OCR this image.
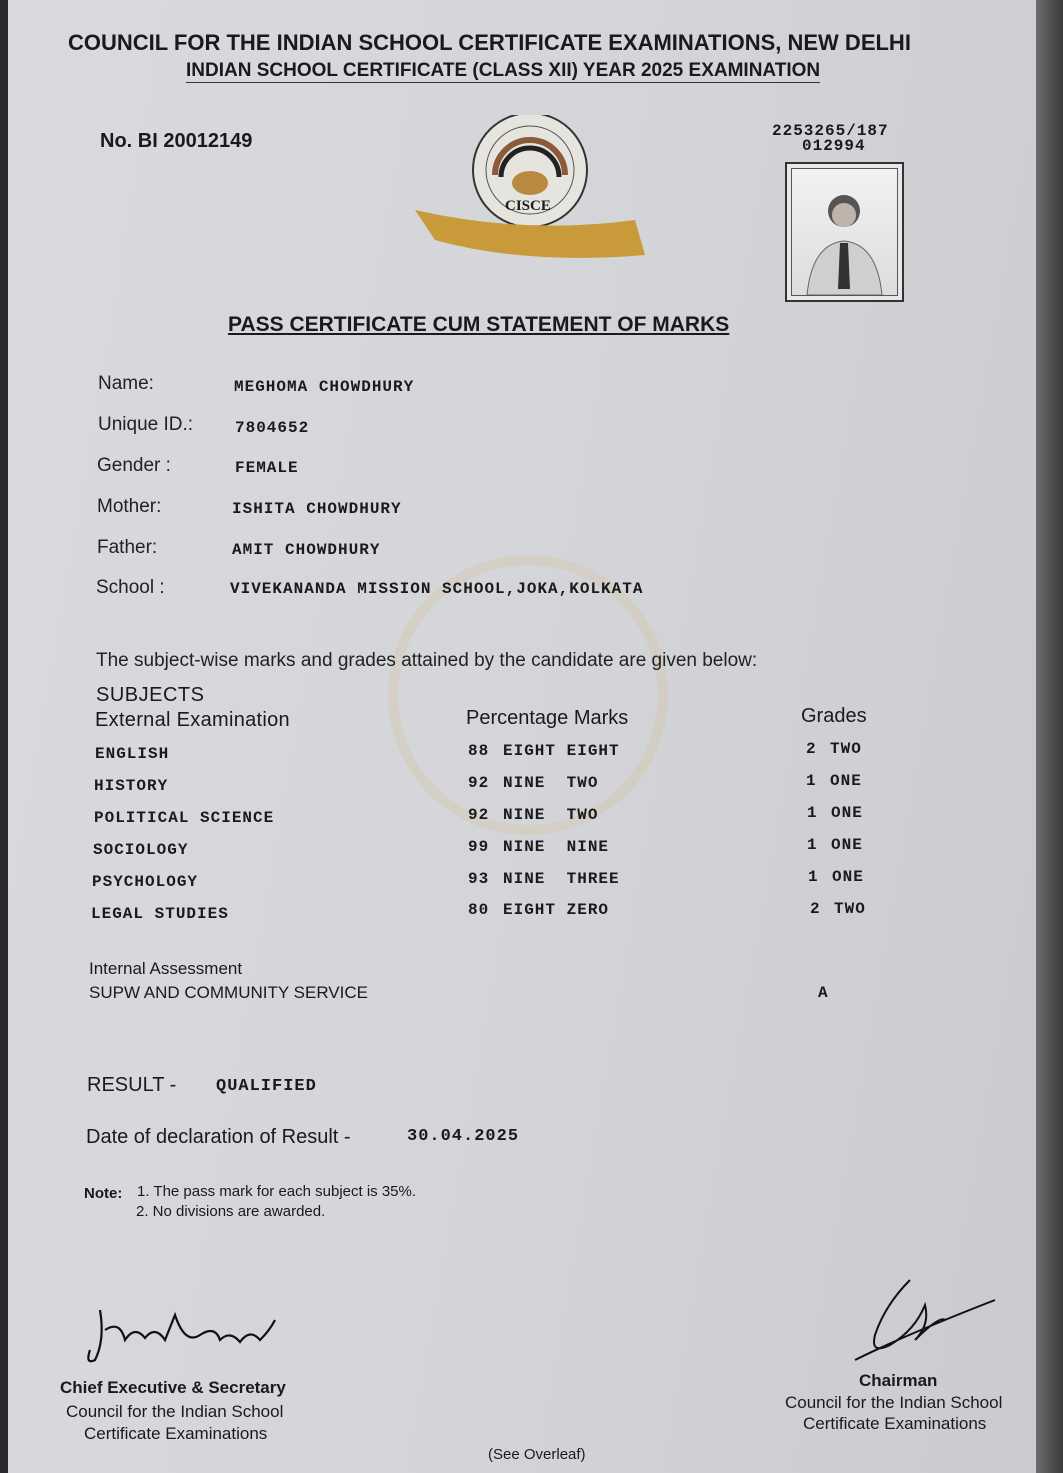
COUNCIL FOR THE INDIAN SCHOOL CERTIFICATE EXAMINATIONS, NEW DELHI
INDIAN SCHOOL CERTIFICATE (CLASS XII) YEAR 2025 EXAMINATION
No. BI 20012149	2253265/187
012994
CISCE
PASS CERTIFICATE CUM STATEMENT OF MARKS
Name:	MEGHOMA CHOWDHURY
Unique ID.:	7804652
Gender :	FEMALE
Mother:	ISHITA CHOWDHURY
Father:	AMIT CHOWDHURY
School :	VIVEKANANDA MISSION SCHOOL,JOKA,KOLKATA
The subject-wise marks and grades attained by the candidate are given below:
SUBJECTS
External Examination	Percentage Marks	Grades
ENGLISH	88 EIGHT EIGHT	2 TWO
HISTORY	92 NINE  TWO	1 ONE
POLITICAL SCIENCE	92 NINE  TWO	1 ONE
SOCIOLOGY	99 NINE  NINE	1 ONE
PSYCHOLOGY	93 NINE  THREE	1 ONE
LEGAL STUDIES	80 EIGHT ZERO	2 TWO
Internal Assessment
SUPW AND COMMUNITY SERVICE	A
RESULT - QUALIFIED
Date of declaration of Result -	30.04.2025
Note: 1. The pass mark for each subject is 35%.
2. No divisions are awarded.
Chief Executive & Secretary
Council for the Indian School
Certificate Examinations
Chairman
Council for the Indian School
Certificate Examinations
(See Overleaf)
